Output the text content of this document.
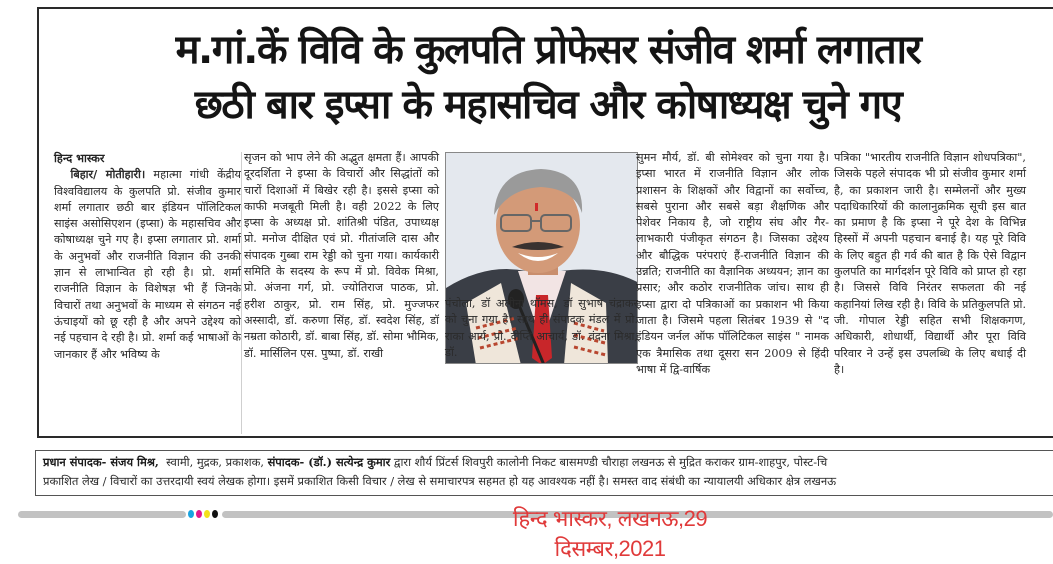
म.गां.कें विवि के कुलपति प्रोफेसर संजीव शर्मा लगातार
छठी बार इप्सा के महासचिव और कोषाध्यक्ष चुने गए

हिन्द भास्कर

बिहार/ मोतीहारी। महात्मा गांधी केंद्रीय विश्वविद्यालय के कुलपति प्रो. संजीव कुमार शर्मा लगातार छठी बार इंडियन पॉलिटिकल साइंस असोसिएशन (इप्सा) के महासचिव और कोषाध्यक्ष चुने गए है। इप्सा लगातार प्रो. शर्मा के अनुभवों और राजनीति विज्ञान की उनकी ज्ञान से लाभान्वित हो रही है। प्रो. शर्मा राजनीति विज्ञान के विशेषज्ञ भी हैं जिनके विचारों तथा अनुभवों के माध्यम से संगठन नई ऊंचाइयों को छू रही है और अपने उद्देश्य को नई पहचान दे रही है। प्रो. शर्मा कई भाषाओं के जानकार हैं और भविष्य के

सृजन को भाप लेने की अद्भुत क्षमता हैं। आपकी दूरदर्शिता ने इप्सा के विचारों और सिद्धांतों को चारों दिशाओं में बिखेर रही है। इससे इप्सा को काफी मजबूती मिली है। वही 2022 के लिए इप्सा के अध्यक्ष प्रो. शांतिश्री पंडित, उपाध्यक्ष प्रो. मनोज दीक्षित एवं प्रो. गीतांजलि दास और संपादक गुब्बा राम रेड्डी को चुना गया। कार्यकारी समिति के सदस्य के रूप में प्रो. विवेक मिश्रा, प्रो. अंजना गर्ग, प्रो. ज्योतिराज पाठक, प्रो. हरीश ठाकुर, प्रो. राम सिंह, प्रो. मुज्जफर अस्सादी, डॉ. करुणा सिंह, डॉ. स्वदेश सिंह, डॉ नम्रता कोठारी, डॉ. बाबा सिंह, डॉ. सोमा भौमिक, डॉ. मार्सिलिन एस. पुष्पा, डॉ. राखी

पंचोला, डॉ अलीना थॉमस, डॉ सुभाष चंद्राकर को चुना गया है। साथ ही संपादक मंडल में प्रो. राका आर्य, प्रो. दीप्ति आचार्य, डॉ. वंदना मिश्रा, डॉ.

सुमन मौर्य, डॉ. बी सोमेश्वर को चुना गया है। इप्सा भारत में राजनीति विज्ञान और लोक प्रशासन के शिक्षकों और विद्वानों का सर्वोच्च, सबसे पुराना और सबसे बड़ा शैक्षणिक और पेशेवर निकाय है, जो राष्ट्रीय संघ और गैर-लाभकारी पंजीकृत संगठन है। जिसका उद्देश्य और बौद्धिक परंपराएं हैं-राजनीति विज्ञान की उन्नति; राजनीति का वैज्ञानिक अध्ययन; ज्ञान का प्रसार; और कठोर राजनीतिक जांच। साथ ही इप्सा द्वारा दो पत्रिकाओं का प्रकाशन भी किया जाता है। जिसमे पहला सितंबर 1939 से "द इंडियन जर्नल ऑफ पॉलिटिकल साइंस " नामक एक त्रैमासिक तथा दूसरा सन 2009 से हिंदी भाषा में द्वि-वार्षिक

पत्रिका "भारतीय राजनीति विज्ञान शोधपत्रिका", जिसके पहले संपादक भी प्रो संजीव कुमार शर्मा है, का प्रकाशन जारी है। सम्मेलनों और मुख्य पदाधिकारियों की कालानुक्रमिक सूची इस बात का प्रमाण है कि इप्सा ने पूरे देश के विभिन्न हिस्सों में अपनी पहचान बनाई है। यह पूरे विवि के लिए बहुत ही गर्व की बात है कि ऐसे विद्वान कुलपति का मार्गदर्शन पूरे विवि को प्राप्त हो रहा है। जिससे विवि निरंतर सफलता की नई कहानियां लिख रही है। विवि के प्रतिकुलपति प्रो. जी. गोपाल रेड्डी सहित सभी शिक्षकगण, अधिकारी, शोधार्थी, विद्यार्थी और पूरा विवि परिवार ने उन्हें इस उपलब्धि के लिए बधाई दी है।

प्रधान संपादक- संजय मिश्र, स्वामी, मुद्रक, प्रकाशक, संपादक- (डॉ.) सत्येन्द्र कुमार द्वारा शौर्य प्रिंटर्स शिवपुरी कालोनी निकट बासमण्डी चौराहा लखनऊ से मुद्रित कराकर ग्राम-शाहपुर, पोस्ट-चि
प्रकाशित लेख / विचारों का उत्तरदायी स्वयं लेखक होगा। इसमें प्रकाशित किसी विचार / लेख से समाचारपत्र सहमत हो यह आवश्यक नहीं है। समस्त वाद संबंधी का न्यायालयी अधिकार क्षेत्र लखनऊ
हिन्द भास्कर, लखनऊ,29
दिसम्बर,2021
